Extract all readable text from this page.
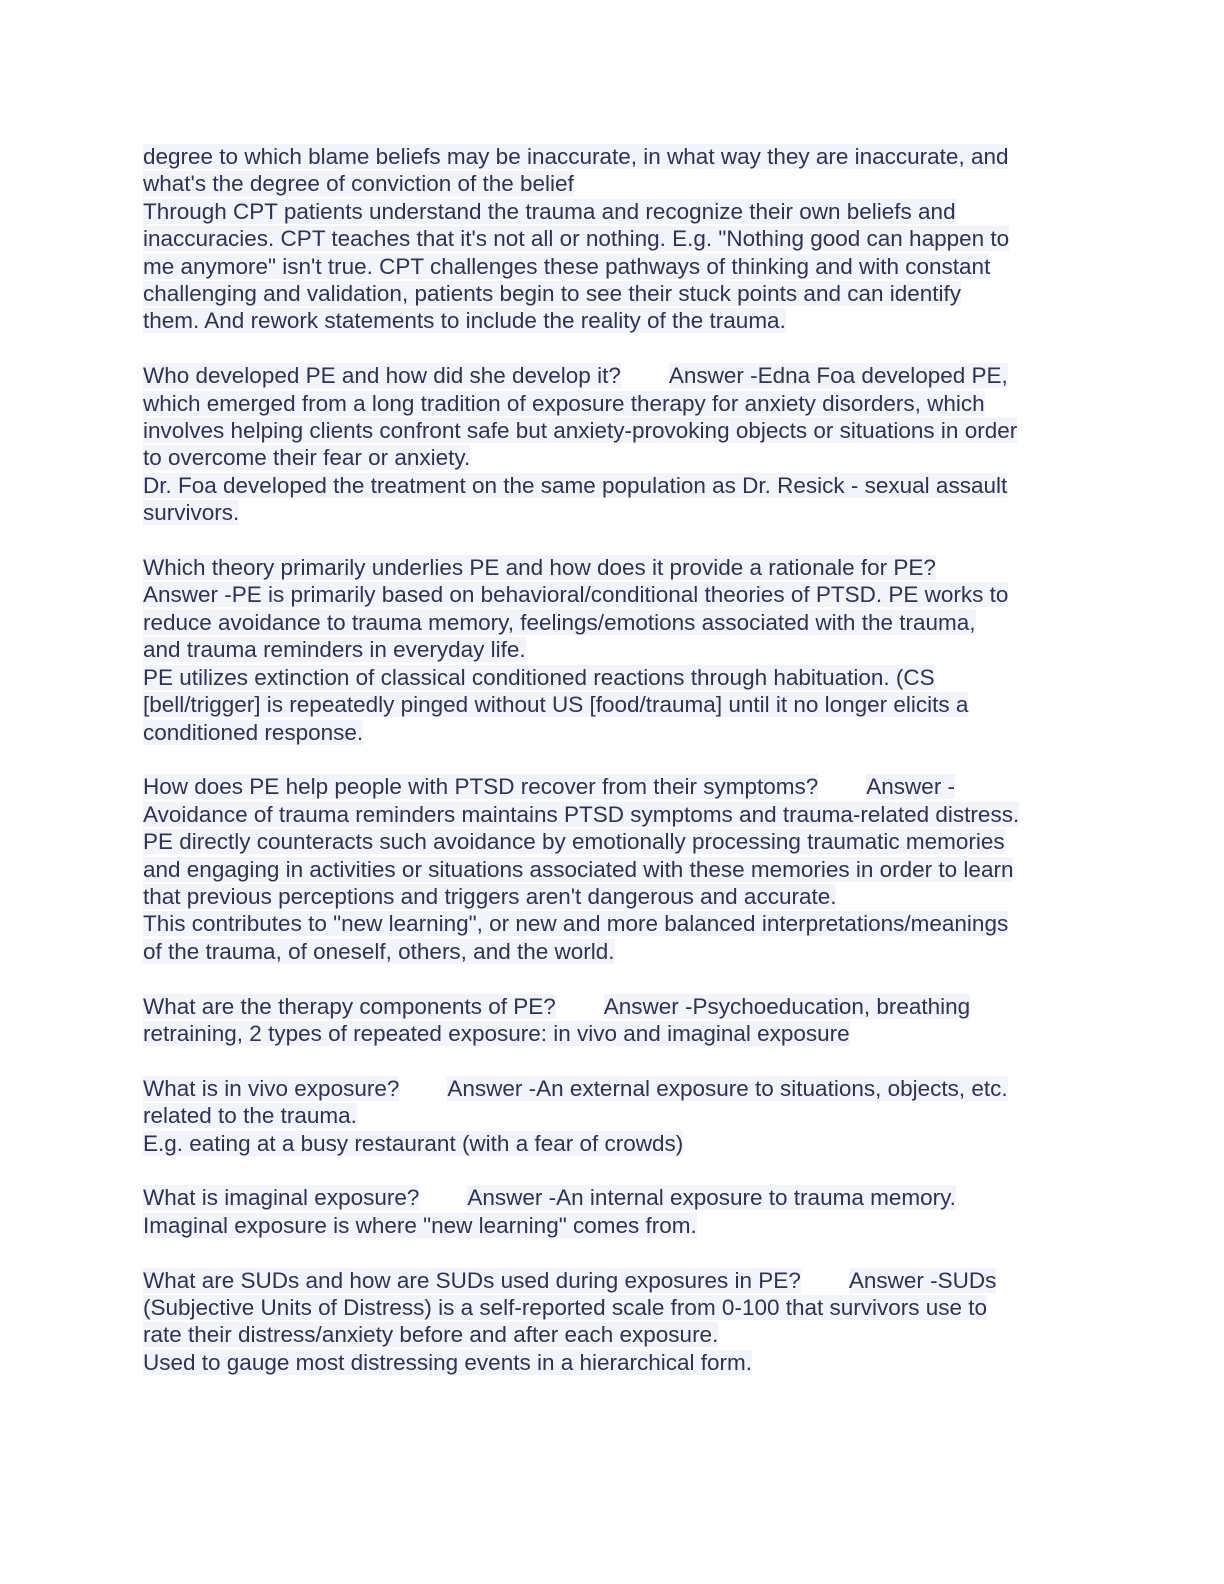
degree to which blame beliefs may be inaccurate, in what way they are inaccurate, and
what's the degree of conviction of the belief
Through CPT patients understand the trauma and recognize their own beliefs and
inaccuracies. CPT teaches that it's not all or nothing. E.g. "Nothing good can happen to
me anymore" isn't true. CPT challenges these pathways of thinking and with constant
challenging and validation, patients begin to see their stuck points and can identify
them. And rework statements to include the reality of the trauma.
Who developed PE and how did she develop it? Answer -Edna Foa developed PE,
which emerged from a long tradition of exposure therapy for anxiety disorders, which
involves helping clients confront safe but anxiety-provoking objects or situations in order
to overcome their fear or anxiety.
Dr. Foa developed the treatment on the same population as Dr. Resick - sexual assault
survivors.
Which theory primarily underlies PE and how does it provide a rationale for PE?
Answer -PE is primarily based on behavioral/conditional theories of PTSD. PE works to
reduce avoidance to trauma memory, feelings/emotions associated with the trauma,
and trauma reminders in everyday life.
PE utilizes extinction of classical conditioned reactions through habituation. (CS
[bell/trigger] is repeatedly pinged without US [food/trauma] until it no longer elicits a
conditioned response.
How does PE help people with PTSD recover from their symptoms? Answer -
Avoidance of trauma reminders maintains PTSD symptoms and trauma-related distress.
PE directly counteracts such avoidance by emotionally processing traumatic memories
and engaging in activities or situations associated with these memories in order to learn
that previous perceptions and triggers aren't dangerous and accurate.
This contributes to "new learning", or new and more balanced interpretations/meanings
of the trauma, of oneself, others, and the world.
What are the therapy components of PE? Answer -Psychoeducation, breathing
retraining, 2 types of repeated exposure: in vivo and imaginal exposure
What is in vivo exposure? Answer -An external exposure to situations, objects, etc.
related to the trauma.
E.g. eating at a busy restaurant (with a fear of crowds)
What is imaginal exposure? Answer -An internal exposure to trauma memory.
Imaginal exposure is where "new learning" comes from.
What are SUDs and how are SUDs used during exposures in PE? Answer -SUDs
(Subjective Units of Distress) is a self-reported scale from 0-100 that survivors use to
rate their distress/anxiety before and after each exposure.
Used to gauge most distressing events in a hierarchical form.
